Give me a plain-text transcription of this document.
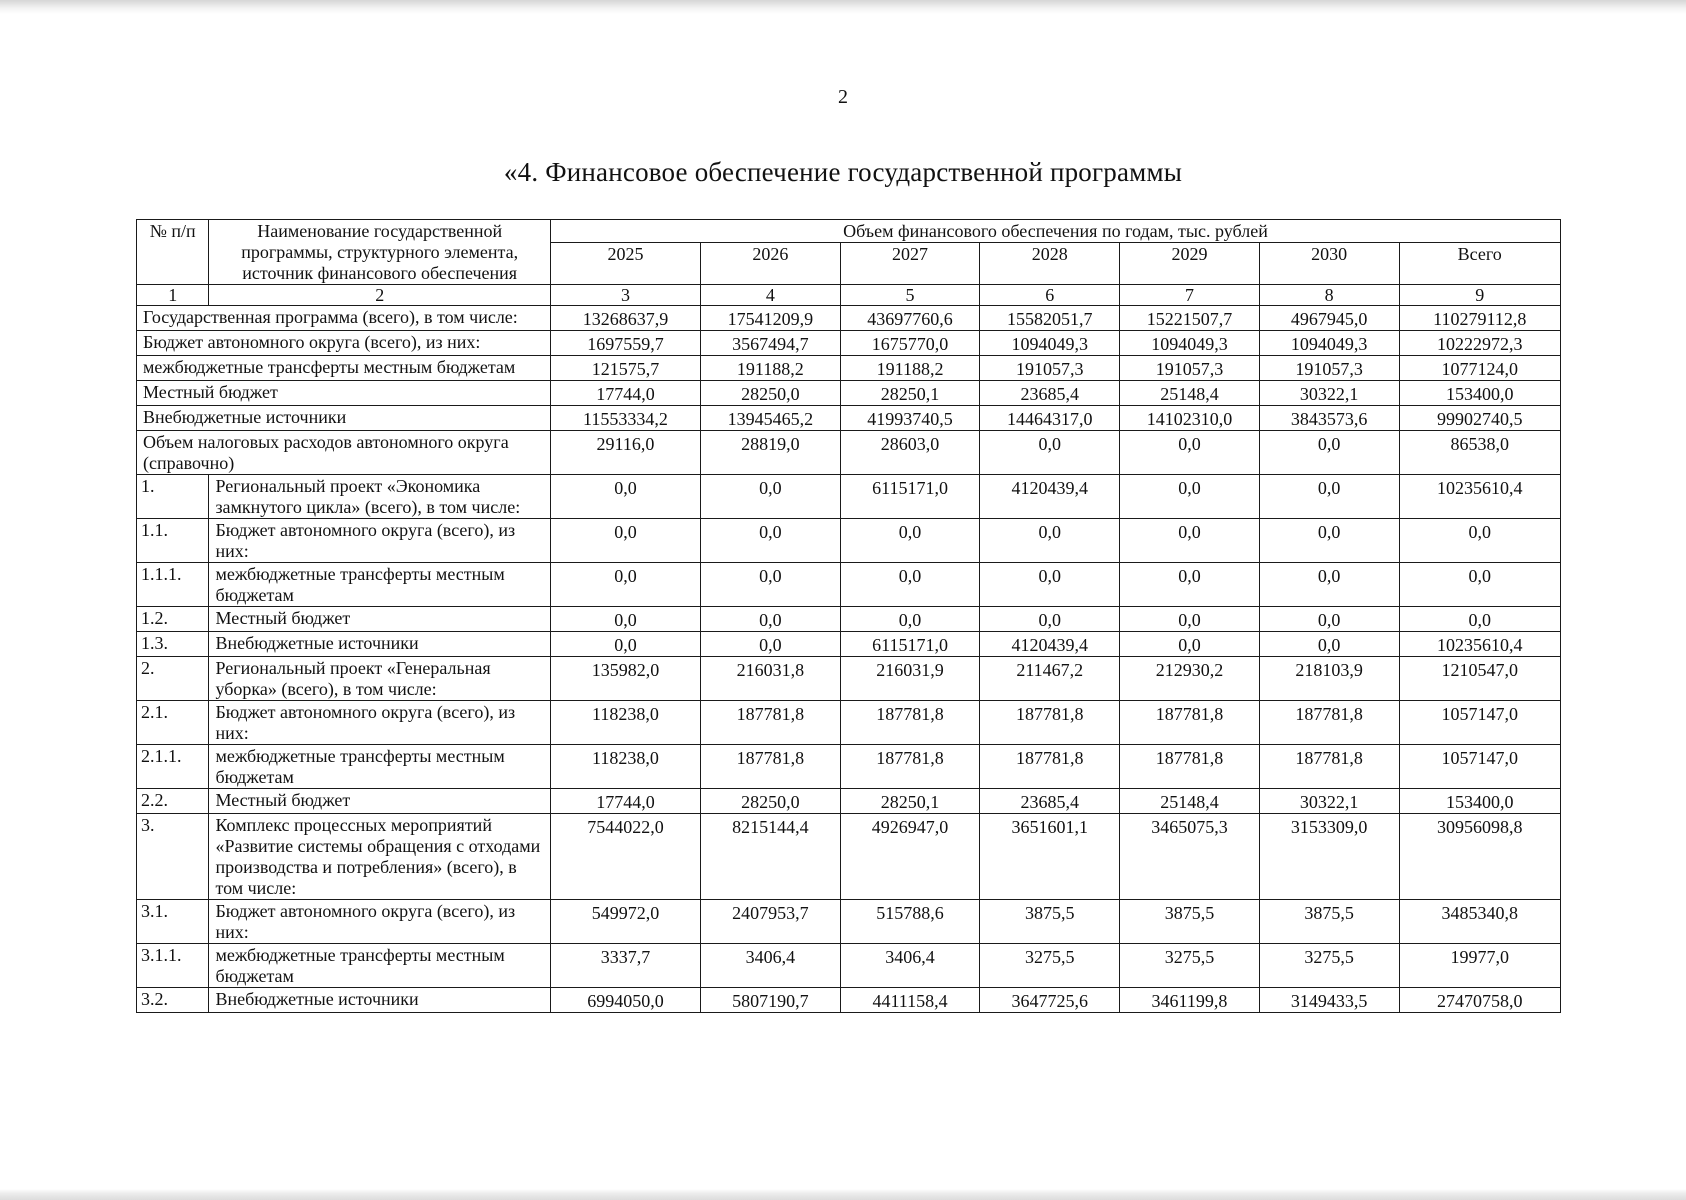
2
«4. Финансовое обеспечение государственной программы
№ п/п	Наименование государственной программы, структурного элемента, источник финансового обеспечения	Объем финансового обеспечения по годам, тыс. рублей						
		2025	2026	2027	2028	2029	2030	Всего
1	2	3	4	5	6	7	8	9
Государственная программа (всего), в том числе:		13268637,9	17541209,9	43697760,6	15582051,7	15221507,7	4967945,0	110279112,8
Бюджет автономного округа (всего), из них:		1697559,7	3567494,7	1675770,0	1094049,3	1094049,3	1094049,3	10222972,3
межбюджетные трансферты местным бюджетам		121575,7	191188,2	191188,2	191057,3	191057,3	191057,3	1077124,0
Местный бюджет		17744,0	28250,0	28250,1	23685,4	25148,4	30322,1	153400,0
Внебюджетные источники		11553334,2	13945465,2	41993740,5	14464317,0	14102310,0	3843573,6	99902740,5
Объем налоговых расходов автономного округа (справочно)		29116,0	28819,0	28603,0	0,0	0,0	0,0	86538,0
1.	Региональный проект «Экономика замкнутого цикла» (всего), в том числе:	0,0	0,0	6115171,0	4120439,4	0,0	0,0	10235610,4
1.1.	Бюджет автономного округа (всего), из них:	0,0	0,0	0,0	0,0	0,0	0,0	0,0
1.1.1.	межбюджетные трансферты местным бюджетам	0,0	0,0	0,0	0,0	0,0	0,0	0,0
1.2.	Местный бюджет	0,0	0,0	0,0	0,0	0,0	0,0	0,0
1.3.	Внебюджетные источники	0,0	0,0	6115171,0	4120439,4	0,0	0,0	10235610,4
2.	Региональный проект «Генеральная уборка» (всего), в том числе:	135982,0	216031,8	216031,9	211467,2	212930,2	218103,9	1210547,0
2.1.	Бюджет автономного округа (всего), из них:	118238,0	187781,8	187781,8	187781,8	187781,8	187781,8	1057147,0
2.1.1.	межбюджетные трансферты местным бюджетам	118238,0	187781,8	187781,8	187781,8	187781,8	187781,8	1057147,0
2.2.	Местный бюджет	17744,0	28250,0	28250,1	23685,4	25148,4	30322,1	153400,0
3.	Комплекс процессных мероприятий «Развитие системы обращения с отходами производства и потребления» (всего), в том числе:	7544022,0	8215144,4	4926947,0	3651601,1	3465075,3	3153309,0	30956098,8
3.1.	Бюджет автономного округа (всего), из них:	549972,0	2407953,7	515788,6	3875,5	3875,5	3875,5	3485340,8
3.1.1.	межбюджетные трансферты местным бюджетам	3337,7	3406,4	3406,4	3275,5	3275,5	3275,5	19977,0
3.2.	Внебюджетные источники	6994050,0	5807190,7	4411158,4	3647725,6	3461199,8	3149433,5	27470758,0
